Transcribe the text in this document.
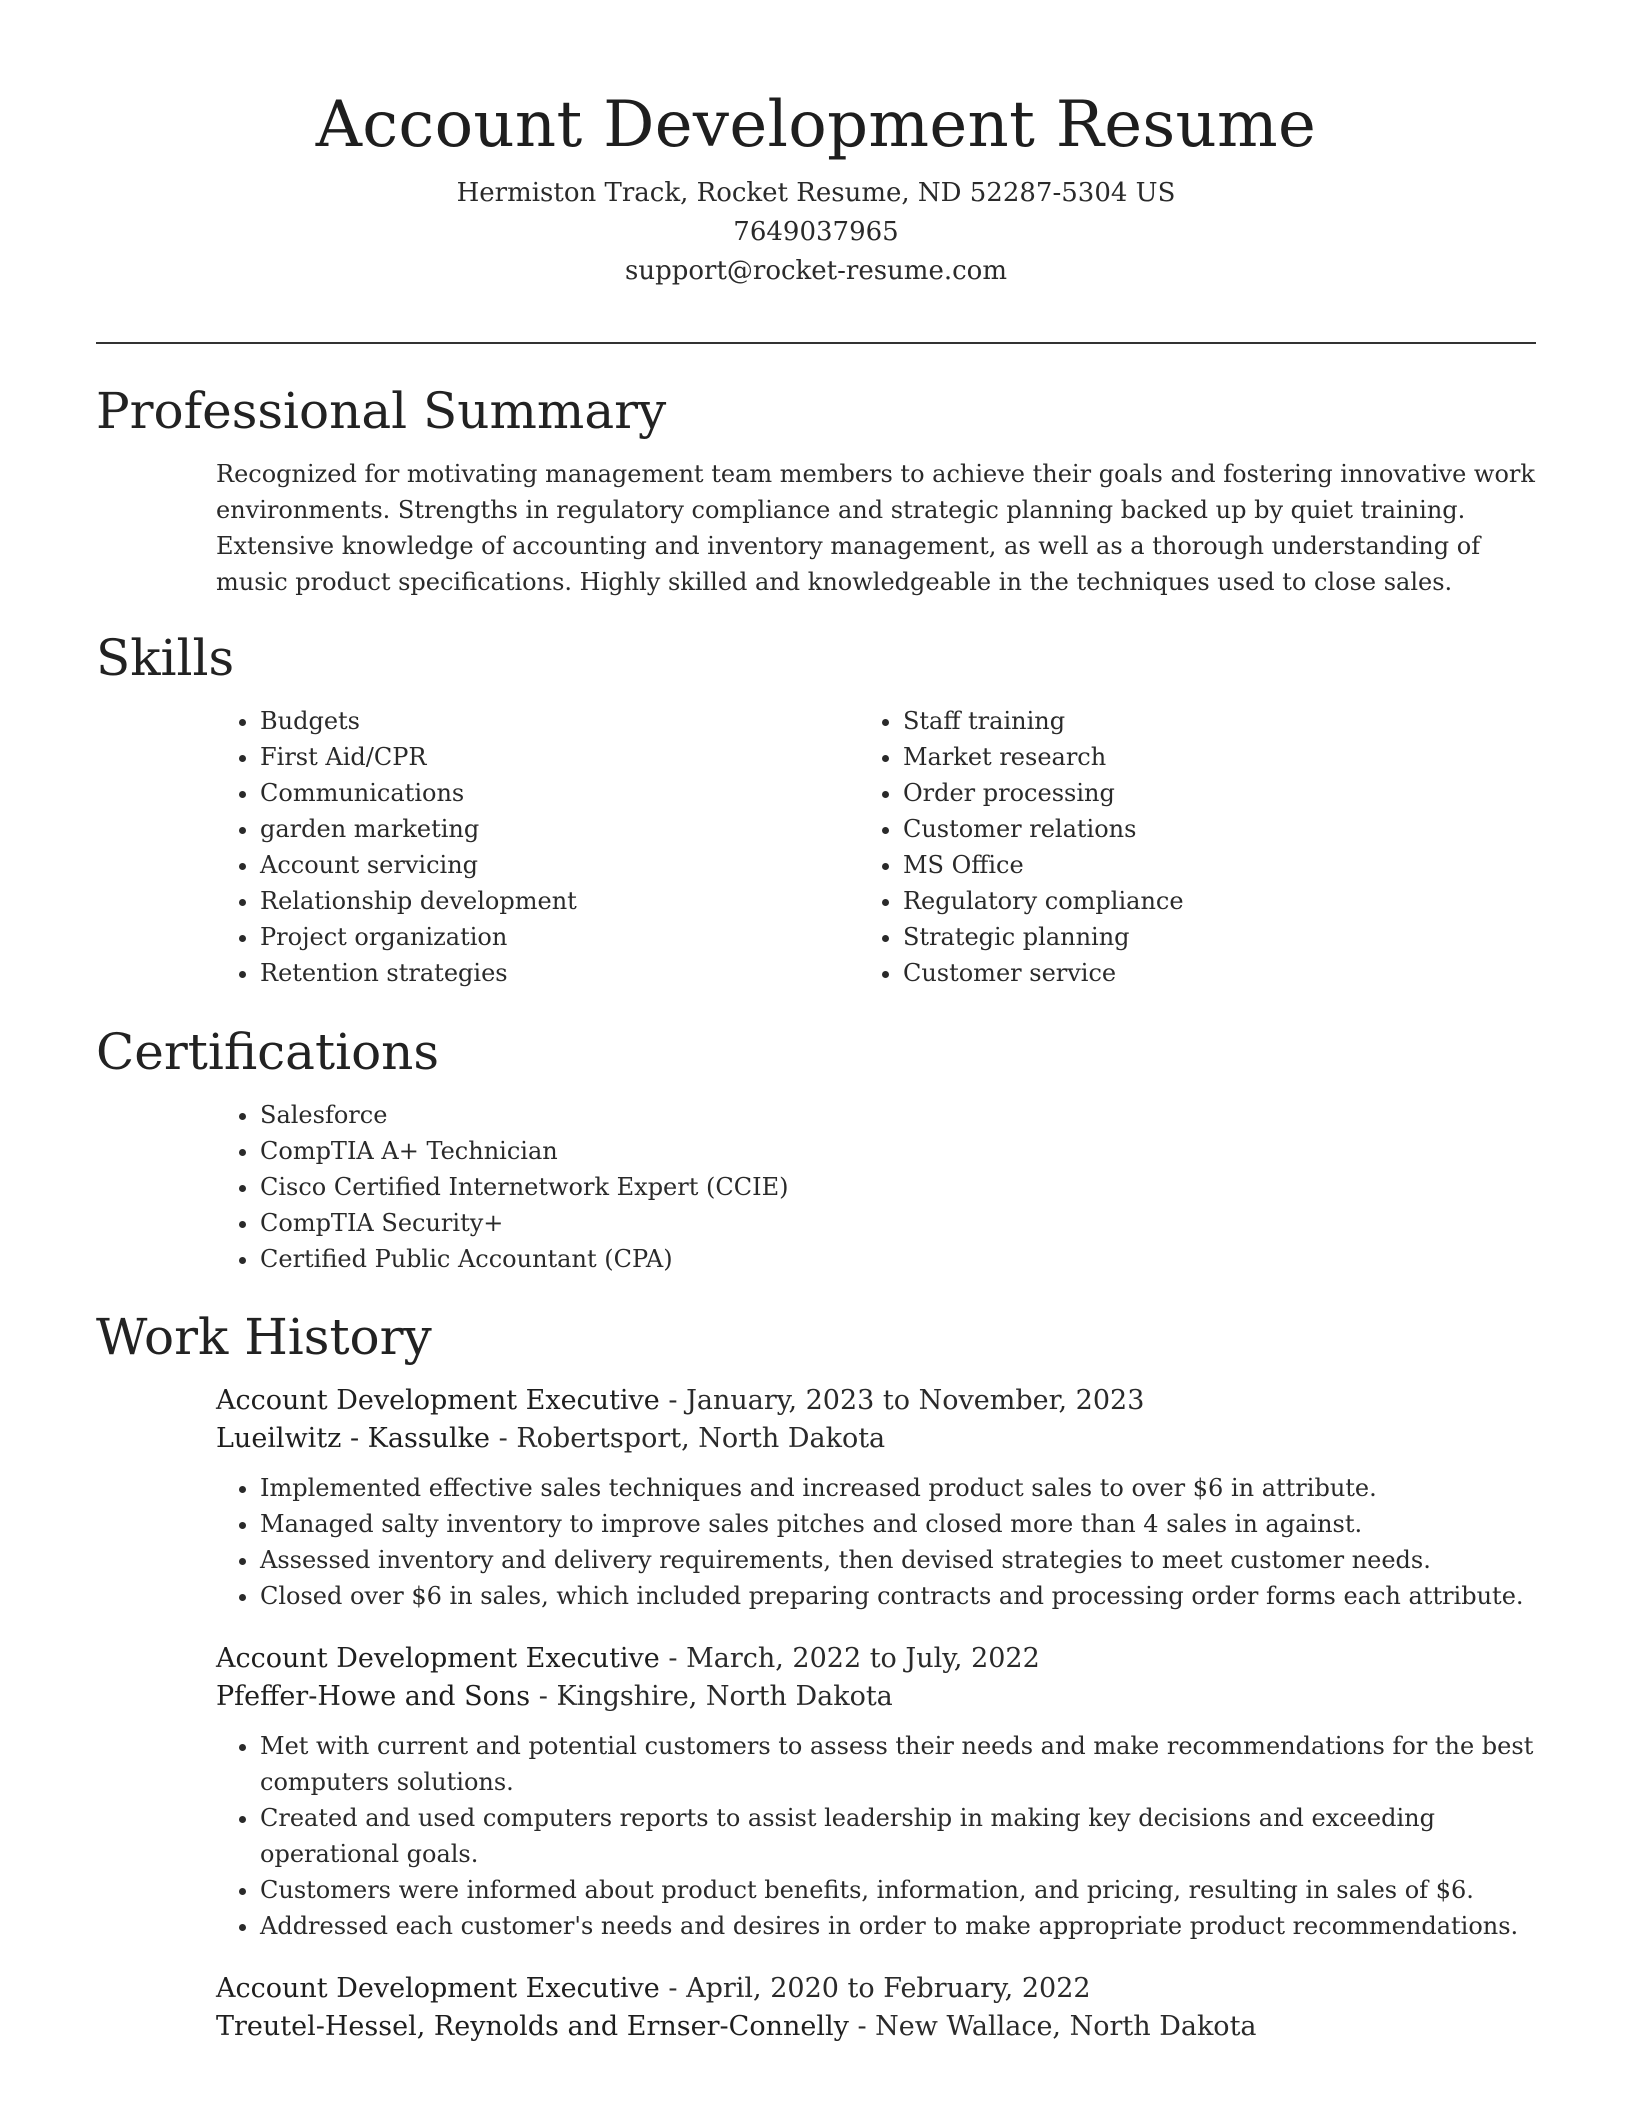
Account Development Resume
Hermiston Track, Rocket Resume, ND 52287-5304 US
7649037965
support@rocket-resume.com
Professional Summary
Recognized for motivating management team members to achieve their goals and fostering innovative work environments. Strengths in regulatory compliance and strategic planning backed up by quiet training. Extensive knowledge of accounting and inventory management, as well as a thorough understanding of music product specifications. Highly skilled and knowledgeable in the techniques used to close sales.
Skills
• Budgets
• First Aid/CPR
• Communications
• garden marketing
• Account servicing
• Relationship development
• Project organization
• Retention strategies
• Staff training
• Market research
• Order processing
• Customer relations
• MS Office
• Regulatory compliance
• Strategic planning
• Customer service
Certifications
• Salesforce
• CompTIA A+ Technician
• Cisco Certified Internetwork Expert (CCIE)
• CompTIA Security+
• Certified Public Accountant (CPA)
Work History
Account Development Executive - January, 2023 to November, 2023
Lueilwitz - Kassulke - Robertsport, North Dakota
• Implemented effective sales techniques and increased product sales to over $6 in attribute.
• Managed salty inventory to improve sales pitches and closed more than 4 sales in against.
• Assessed inventory and delivery requirements, then devised strategies to meet customer needs.
• Closed over $6 in sales, which included preparing contracts and processing order forms each attribute.
Account Development Executive - March, 2022 to July, 2022
Pfeffer-Howe and Sons - Kingshire, North Dakota
• Met with current and potential customers to assess their needs and make recommendations for the best computers solutions.
• Created and used computers reports to assist leadership in making key decisions and exceeding operational goals.
• Customers were informed about product benefits, information, and pricing, resulting in sales of $6.
• Addressed each customer's needs and desires in order to make appropriate product recommendations.
Account Development Executive - April, 2020 to February, 2022
Treutel-Hessel, Reynolds and Ernser-Connelly - New Wallace, North Dakota
